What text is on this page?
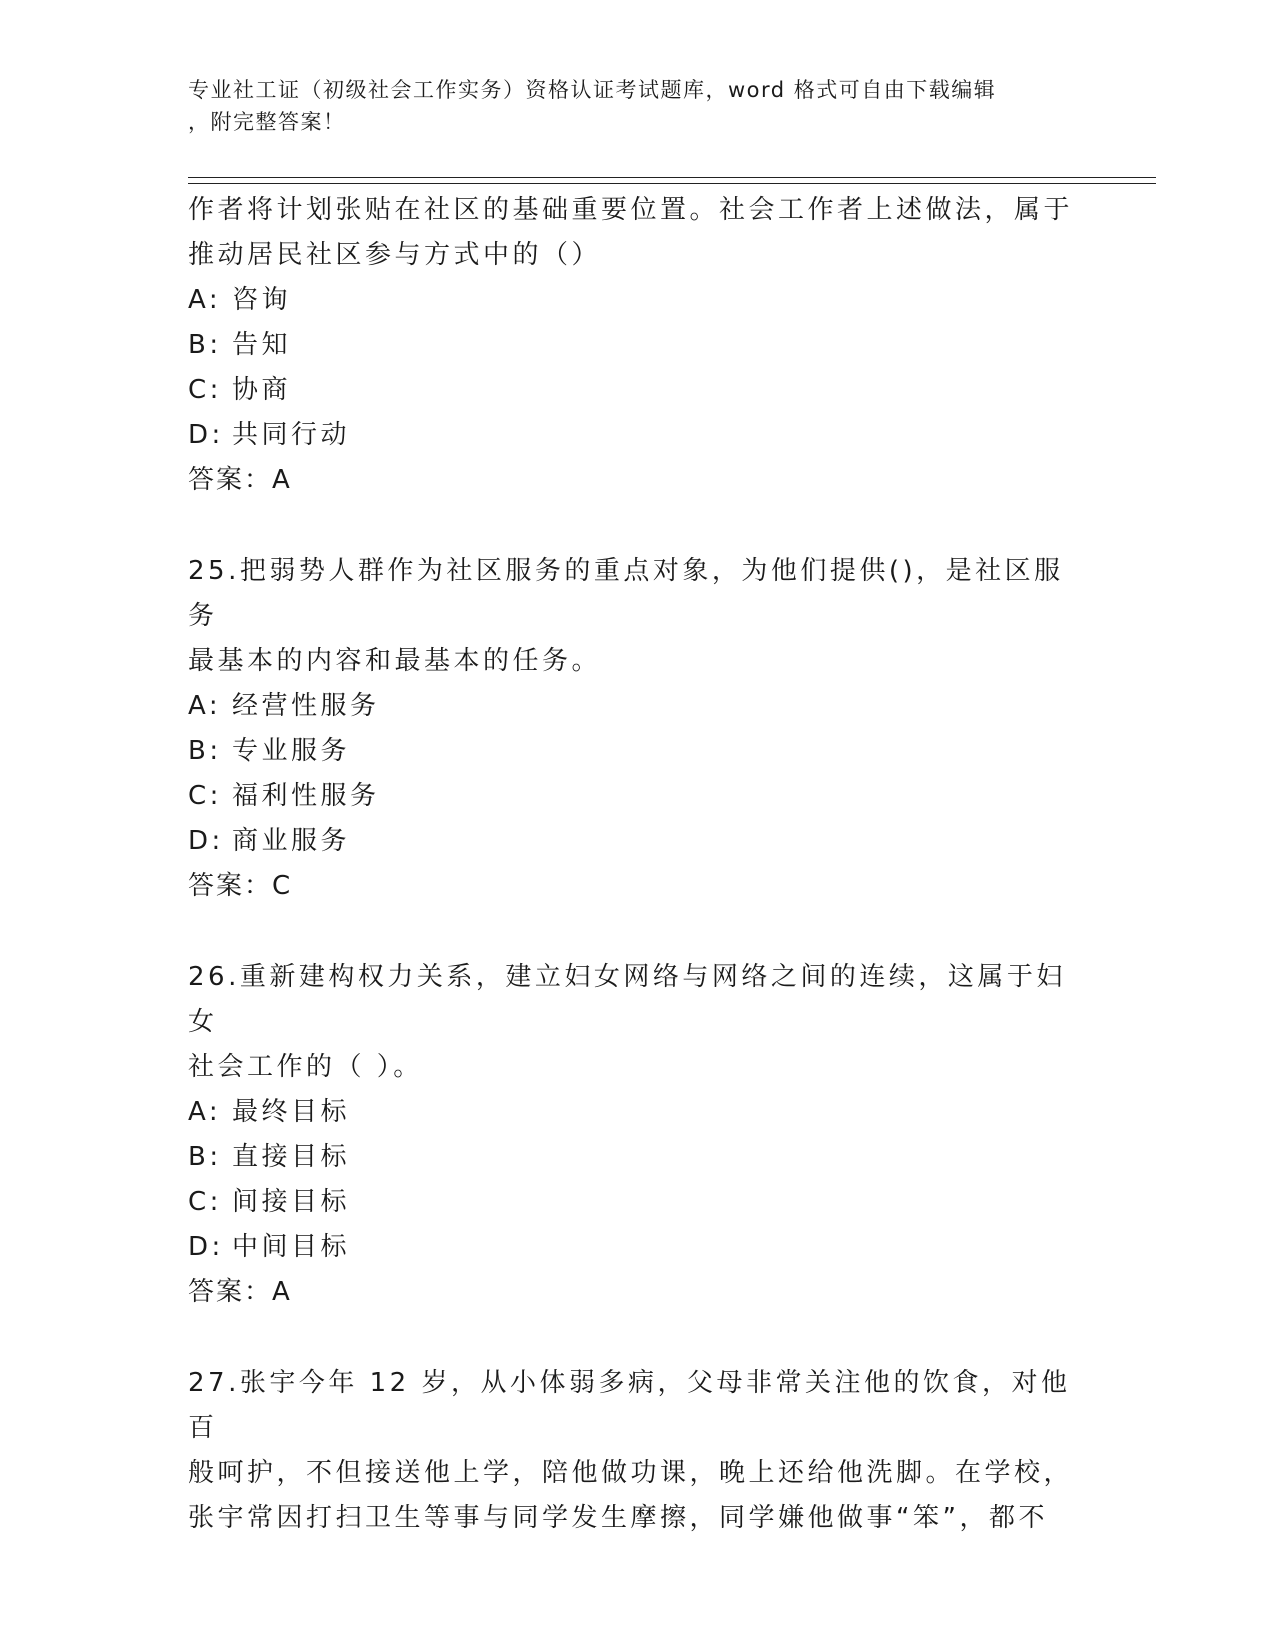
专业社工证（初级社会工作实务）资格认证考试题库，word 格式可自由下载编辑
，附完整答案！

作者将计划张贴在社区的基础重要位置。社会工作者上述做法，属于

推动居民社区参与方式中的（）

A: 咨询

B: 告知

C: 协商

D: 共同行动

答案：A

25.把弱势人群作为社区服务的重点对象，为他们提供()，是社区服务

最基本的内容和最基本的任务。

A: 经营性服务

B: 专业服务

C: 福利性服务

D: 商业服务

答案：C

26.重新建构权力关系，建立妇女网络与网络之间的连续，这属于妇女

社会工作的（ ）。

A: 最终目标

B: 直接目标

C: 间接目标

D: 中间目标

答案：A

27.张宇今年 12 岁，从小体弱多病，父母非常关注他的饮食，对他百

般呵护，不但接送他上学，陪他做功课，晚上还给他洗脚。在学校，

张宇常因打扫卫生等事与同学发生摩擦，同学嫌他做事“笨”，都不
